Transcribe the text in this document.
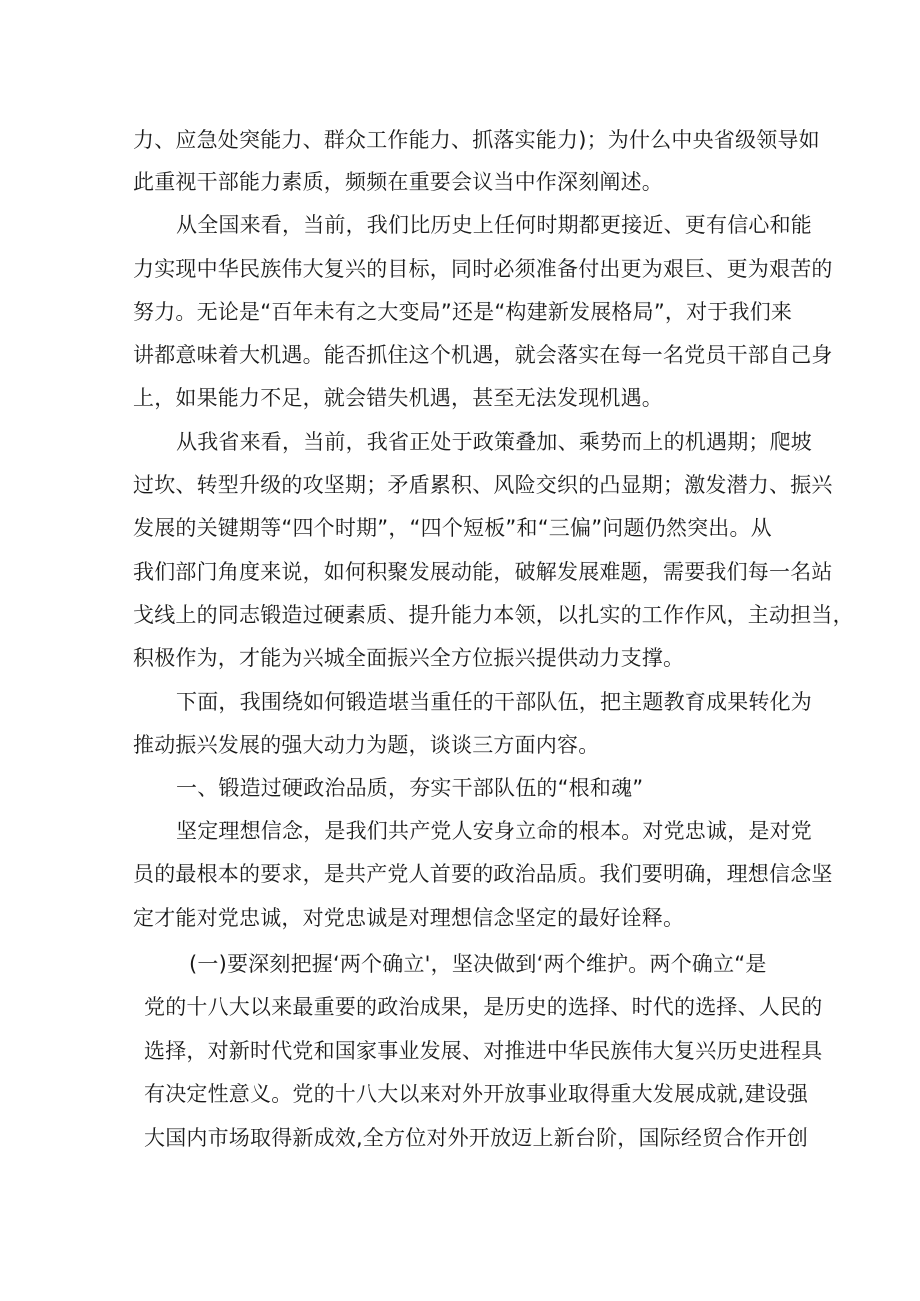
力、应急处突能力、群众工作能力、抓落实能力)；为什么中央省级领导如
此重视干部能力素质，频频在重要会议当中作深刻阐述。
从全国来看，当前，我们比历史上任何时期都更接近、更有信心和能
力实现中华民族伟大复兴的目标，同时必须准备付出更为艰巨、更为艰苦的
努力。无论是“百年未有之大变局”还是“构建新发展格局”，对于我们来
讲都意味着大机遇。能否抓住这个机遇，就会落实在每一名党员干部自己身
上，如果能力不足，就会错失机遇，甚至无法发现机遇。
从我省来看，当前，我省正处于政策叠加、乘势而上的机遇期；爬坡
过坎、转型升级的攻坚期；矛盾累积、风险交织的凸显期；激发潜力、振兴
发展的关键期等“四个时期”，“四个短板”和“三偏”问题仍然突出。从
我们部门角度来说，如何积聚发展动能，破解发展难题，需要我们每一名站
戈线上的同志锻造过硬素质、提升能力本领，以扎实的工作作风，主动担当，
积极作为，才能为兴城全面振兴全方位振兴提供动力支撑。
下面，我围绕如何锻造堪当重任的干部队伍，把主题教育成果转化为
推动振兴发展的强大动力为题，谈谈三方面内容。
一、锻造过硬政治品质，夯实干部队伍的“根和魂”
坚定理想信念，是我们共产党人安身立命的根本。对党忠诚，是对党
员的最根本的要求，是共产党人首要的政治品质。我们要明确，理想信念坚
定才能对党忠诚，对党忠诚是对理想信念坚定的最好诠释。
(一)要深刻把握‘两个确立'，坚决做到‘两个维护。两个确立“是
党的十八大以来最重要的政治成果，是历史的选择、时代的选择、人民的
选择，对新时代党和国家事业发展、对推进中华民族伟大复兴历史进程具
有决定性意义。党的十八大以来对外开放事业取得重大发展成就,建设强
大国内市场取得新成效,全方位对外开放迈上新台阶，国际经贸合作开创
